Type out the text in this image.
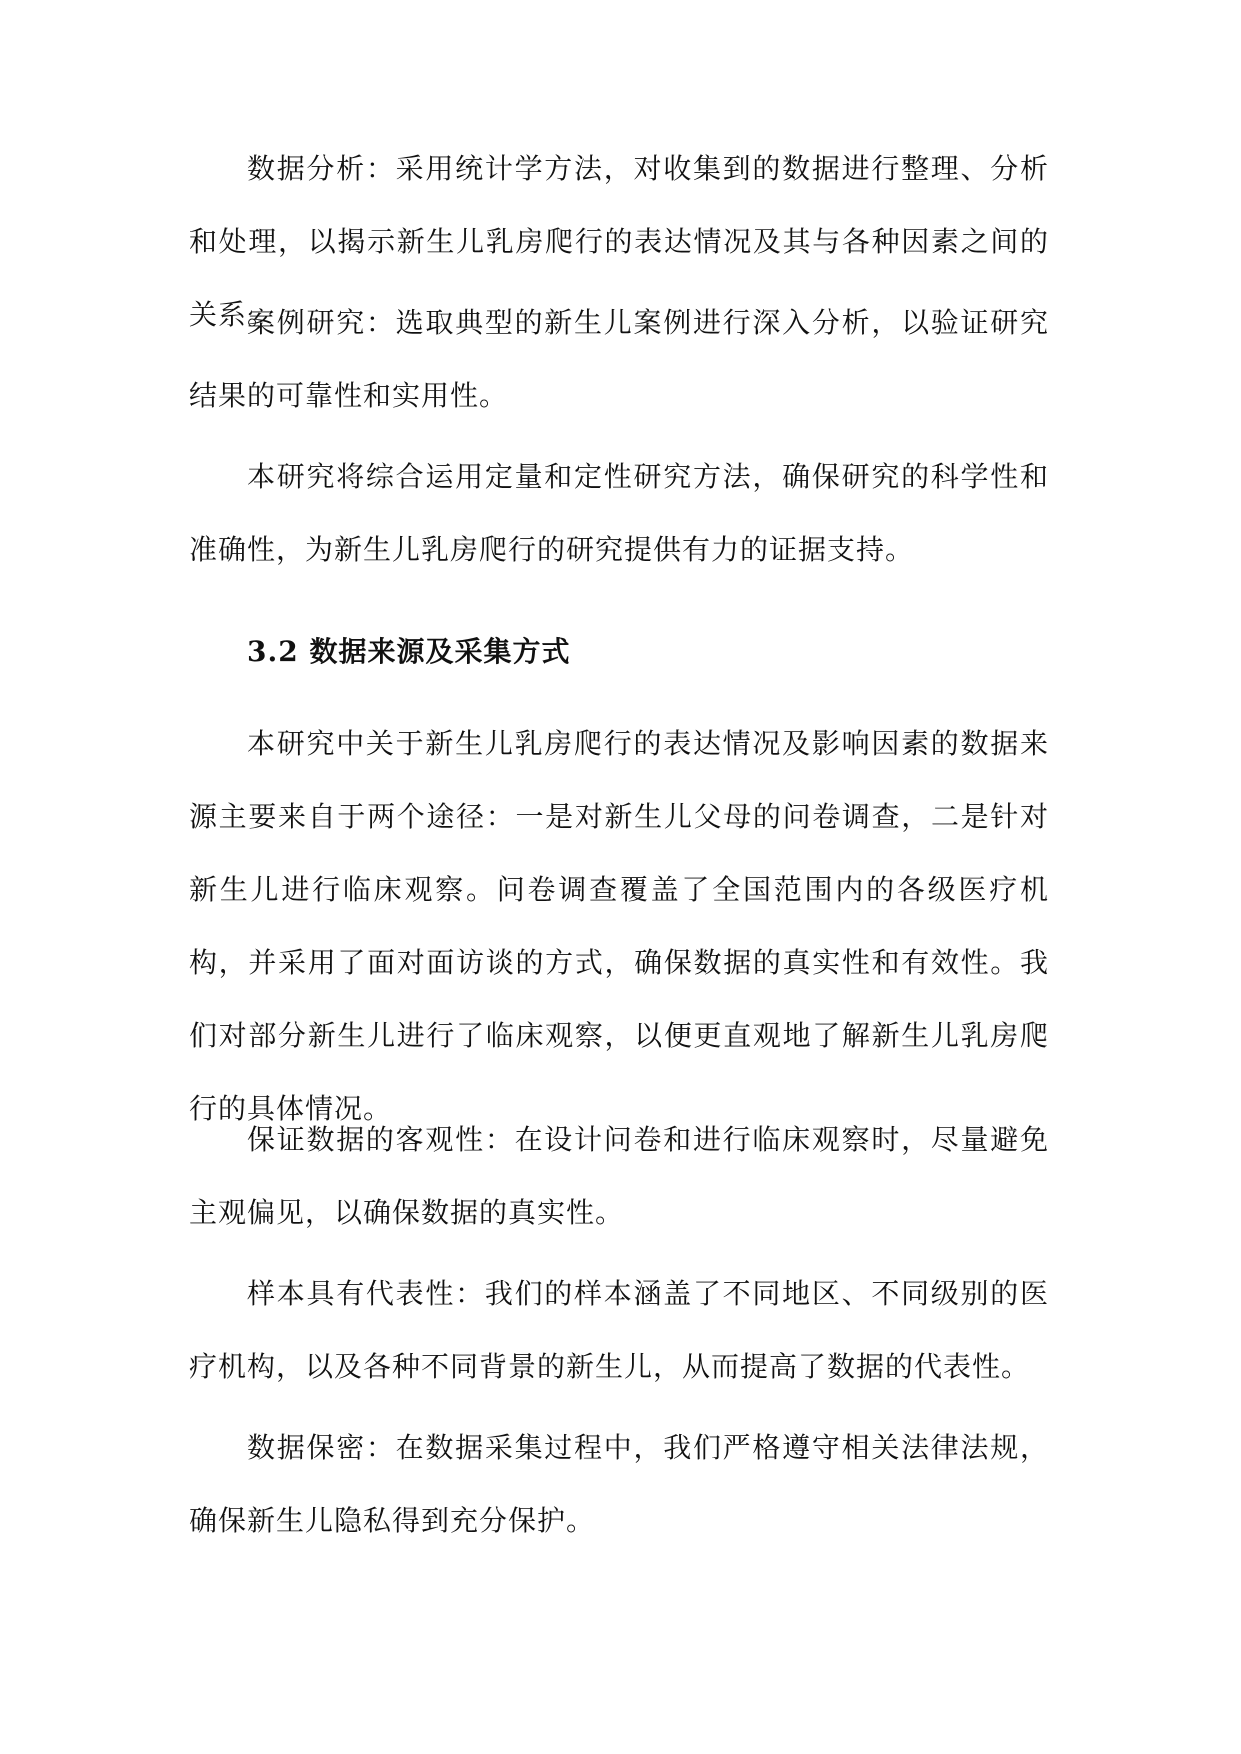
数据分析：采用统计学方法，对收集到的数据进行整理、分析和处理，以揭示新生儿乳房爬行的表达情况及其与各种因素之间的关系。

案例研究：选取典型的新生儿案例进行深入分析，以验证研究结果的可靠性和实用性。

本研究将综合运用定量和定性研究方法，确保研究的科学性和准确性，为新生儿乳房爬行的研究提供有力的证据支持。

3.2 数据来源及采集方式

本研究中关于新生儿乳房爬行的表达情况及影响因素的数据来源主要来自于两个途径：一是对新生儿父母的问卷调查，二是针对新生儿进行临床观察。问卷调查覆盖了全国范围内的各级医疗机构，并采用了面对面访谈的方式，确保数据的真实性和有效性。我们对部分新生儿进行了临床观察，以便更直观地了解新生儿乳房爬行的具体情况。

保证数据的客观性：在设计问卷和进行临床观察时，尽量避免主观偏见，以确保数据的真实性。

样本具有代表性：我们的样本涵盖了不同地区、不同级别的医疗机构，以及各种不同背景的新生儿，从而提高了数据的代表性。

数据保密：在数据采集过程中，我们严格遵守相关法律法规，确保新生儿隐私得到充分保护。
